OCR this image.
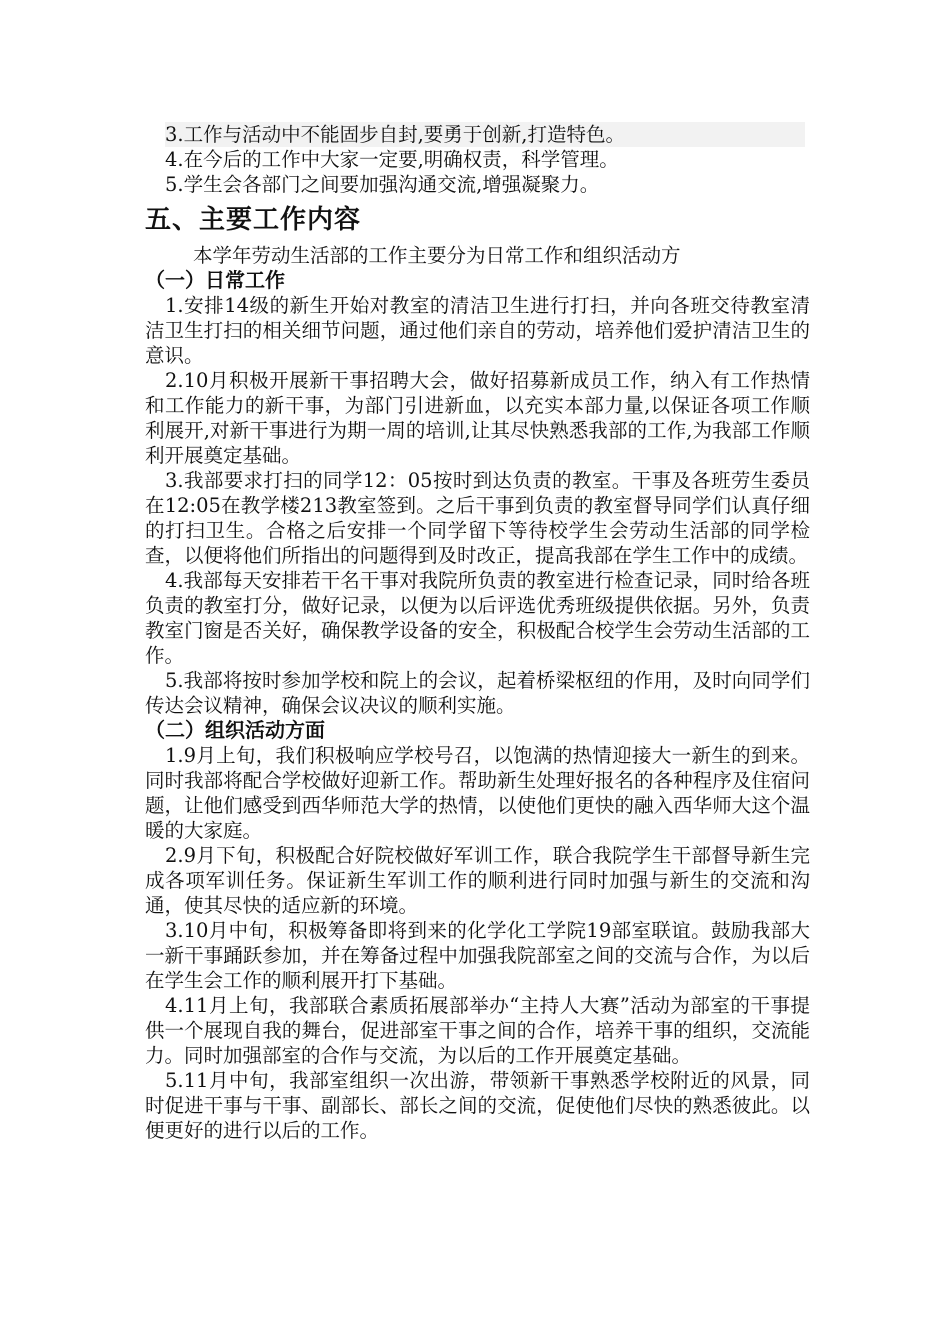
3.工作与活动中不能固步自封,要勇于创新,打造特色。

4.在今后的工作中大家一定要,明确权责，科学管理。

5.学生会各部门之间要加强沟通交流,增强凝聚力。

五、主要工作内容

本学年劳动生活部的工作主要分为日常工作和组织活动方

（一）日常工作

1.安排14级的新生开始对教室的清洁卫生进行打扫，并向各班交待教室清洁卫生打扫的相关细节问题，通过他们亲自的劳动，培养他们爱护清洁卫生的意识。

2.10月积极开展新干事招聘大会，做好招募新成员工作，纳入有工作热情和工作能力的新干事，为部门引进新血，以充实本部力量,以保证各项工作顺利展开,对新干事进行为期一周的培训,让其尽快熟悉我部的工作,为我部工作顺利开展奠定基础。

3.我部要求打扫的同学12：05按时到达负责的教室。干事及各班劳生委员在12:05在教学楼213教室签到。之后干事到负责的教室督导同学们认真仔细的打扫卫生。合格之后安排一个同学留下等待校学生会劳动生活部的同学检查，以便将他们所指出的问题得到及时改正，提高我部在学生工作中的成绩。

4.我部每天安排若干名干事对我院所负责的教室进行检查记录，同时给各班负责的教室打分，做好记录，以便为以后评选优秀班级提供依据。另外，负责教室门窗是否关好，确保教学设备的安全，积极配合校学生会劳动生活部的工作。

5.我部将按时参加学校和院上的会议，起着桥梁枢纽的作用，及时向同学们传达会议精神，确保会议决议的顺利实施。

（二）组织活动方面

1.9月上旬，我们积极响应学校号召，以饱满的热情迎接大一新生的到来。同时我部将配合学校做好迎新工作。帮助新生处理好报名的各种程序及住宿问题，让他们感受到西华师范大学的热情，以使他们更快的融入西华师大这个温暖的大家庭。

2.9月下旬，积极配合好院校做好军训工作，联合我院学生干部督导新生完成各项军训任务。保证新生军训工作的顺利进行同时加强与新生的交流和沟通，使其尽快的适应新的环境。

3.10月中旬，积极筹备即将到来的化学化工学院19部室联谊。鼓励我部大一新干事踊跃参加，并在筹备过程中加强我院部室之间的交流与合作，为以后在学生会工作的顺利展开打下基础。

4.11月上旬，我部联合素质拓展部举办“主持人大赛”活动为部室的干事提供一个展现自我的舞台，促进部室干事之间的合作，培养干事的组织，交流能力。同时加强部室的合作与交流，为以后的工作开展奠定基础。

5.11月中旬，我部室组织一次出游，带领新干事熟悉学校附近的风景，同时促进干事与干事、副部长、部长之间的交流，促使他们尽快的熟悉彼此。以便更好的进行以后的工作。
